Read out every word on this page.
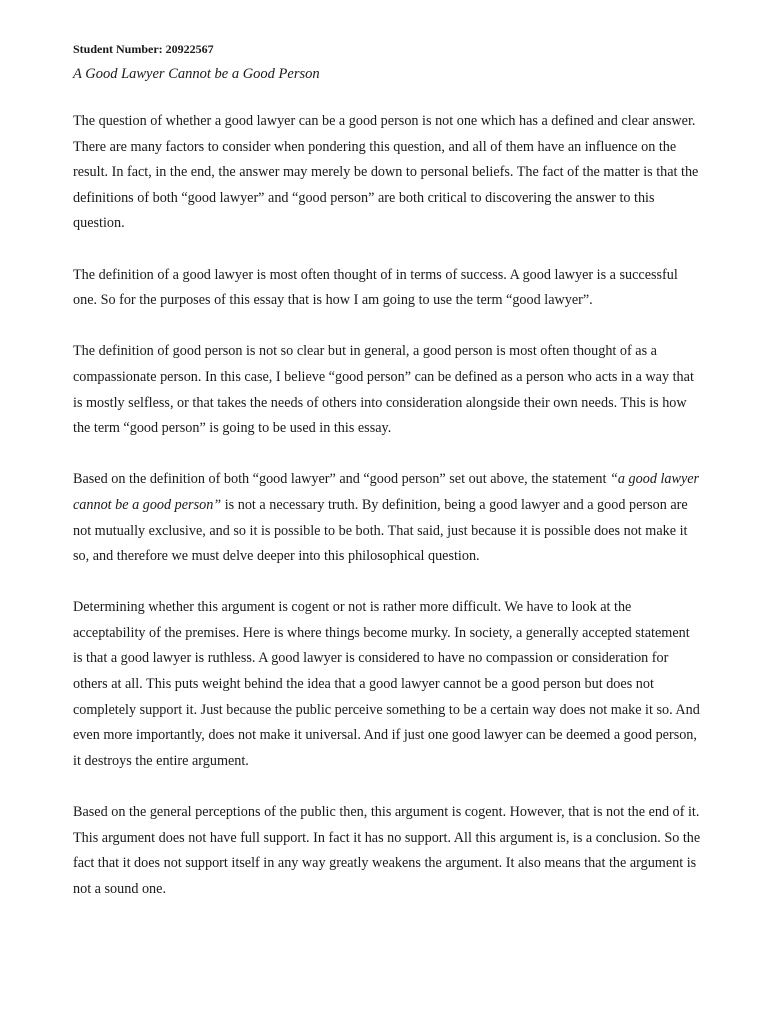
Student Number: 20922567

A Good Lawyer Cannot be a Good Person

The question of whether a good lawyer can be a good person is not one which has a defined and clear answer. There are many factors to consider when pondering this question, and all of them have an influence on the result. In fact, in the end, the answer may merely be down to personal beliefs. The fact of the matter is that the definitions of both “good lawyer” and “good person” are both critical to discovering the answer to this question.

The definition of a good lawyer is most often thought of in terms of success. A good lawyer is a successful one. So for the purposes of this essay that is how I am going to use the term “good lawyer”.

The definition of good person is not so clear but in general, a good person is most often thought of as a compassionate person. In this case, I believe “good person” can be defined as a person who acts in a way that is mostly selfless, or that takes the needs of others into consideration alongside their own needs. This is how the term “good person” is going to be used in this essay.

Based on the definition of both “good lawyer” and “good person” set out above, the statement “a good lawyer cannot be a good person” is not a necessary truth. By definition, being a good lawyer and a good person are not mutually exclusive, and so it is possible to be both. That said, just because it is possible does not make it so, and therefore we must delve deeper into this philosophical question.

Determining whether this argument is cogent or not is rather more difficult. We have to look at the acceptability of the premises. Here is where things become murky. In society, a generally accepted statement is that a good lawyer is ruthless. A good lawyer is considered to have no compassion or consideration for others at all. This puts weight behind the idea that a good lawyer cannot be a good person but does not completely support it. Just because the public perceive something to be a certain way does not make it so. And even more importantly, does not make it universal. And if just one good lawyer can be deemed a good person, it destroys the entire argument.

Based on the general perceptions of the public then, this argument is cogent. However, that is not the end of it. This argument does not have full support. In fact it has no support. All this argument is, is a conclusion. So the fact that it does not support itself in any way greatly weakens the argument. It also means that the argument is not a sound one.
